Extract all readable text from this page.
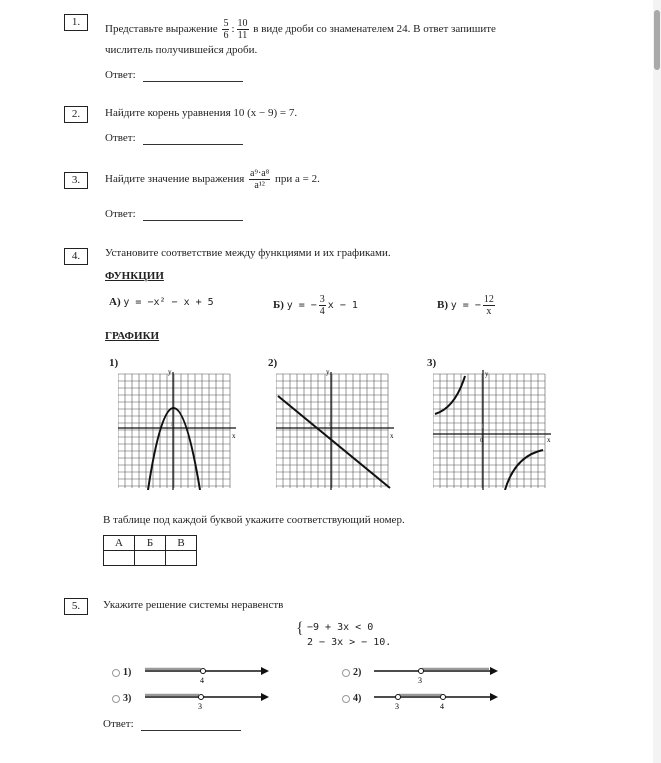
1.
Представьте выражение $\frac{5}{6}$ : $\frac{10}{11}$ в виде дроби со знаменателем 24. В ответ запишите
числитель получившейся дроби.
Ответ:
2.	Найдите корень уравнения 10 (x − 9) = 7.
Ответ:
3.	Найдите значение выражения $\frac{\text{a⁹·a⁸}}{\text{a¹²}}$ при a = 2.
Ответ:
4.	Установите соответствие между функциями и их графиками.
ФУНКЦИИ
А) y = −x² − x + 5	Б) y = − $\frac{3}{4}$ x − 1	В) y = − $\frac{12}{x}$
ГРАФИКИ
1)	2)	3)
x
y
1
x
y
1
x
y
1
0
В таблице под каждой буквой укажите соответствующий номер.
А	Б	В

5.	Укажите решение системы неравенств
{ −9 + 3x < 0
2 − 3x > − 10.
1)
4
2)
3
3)
3
4)
3	4
Ответ:
